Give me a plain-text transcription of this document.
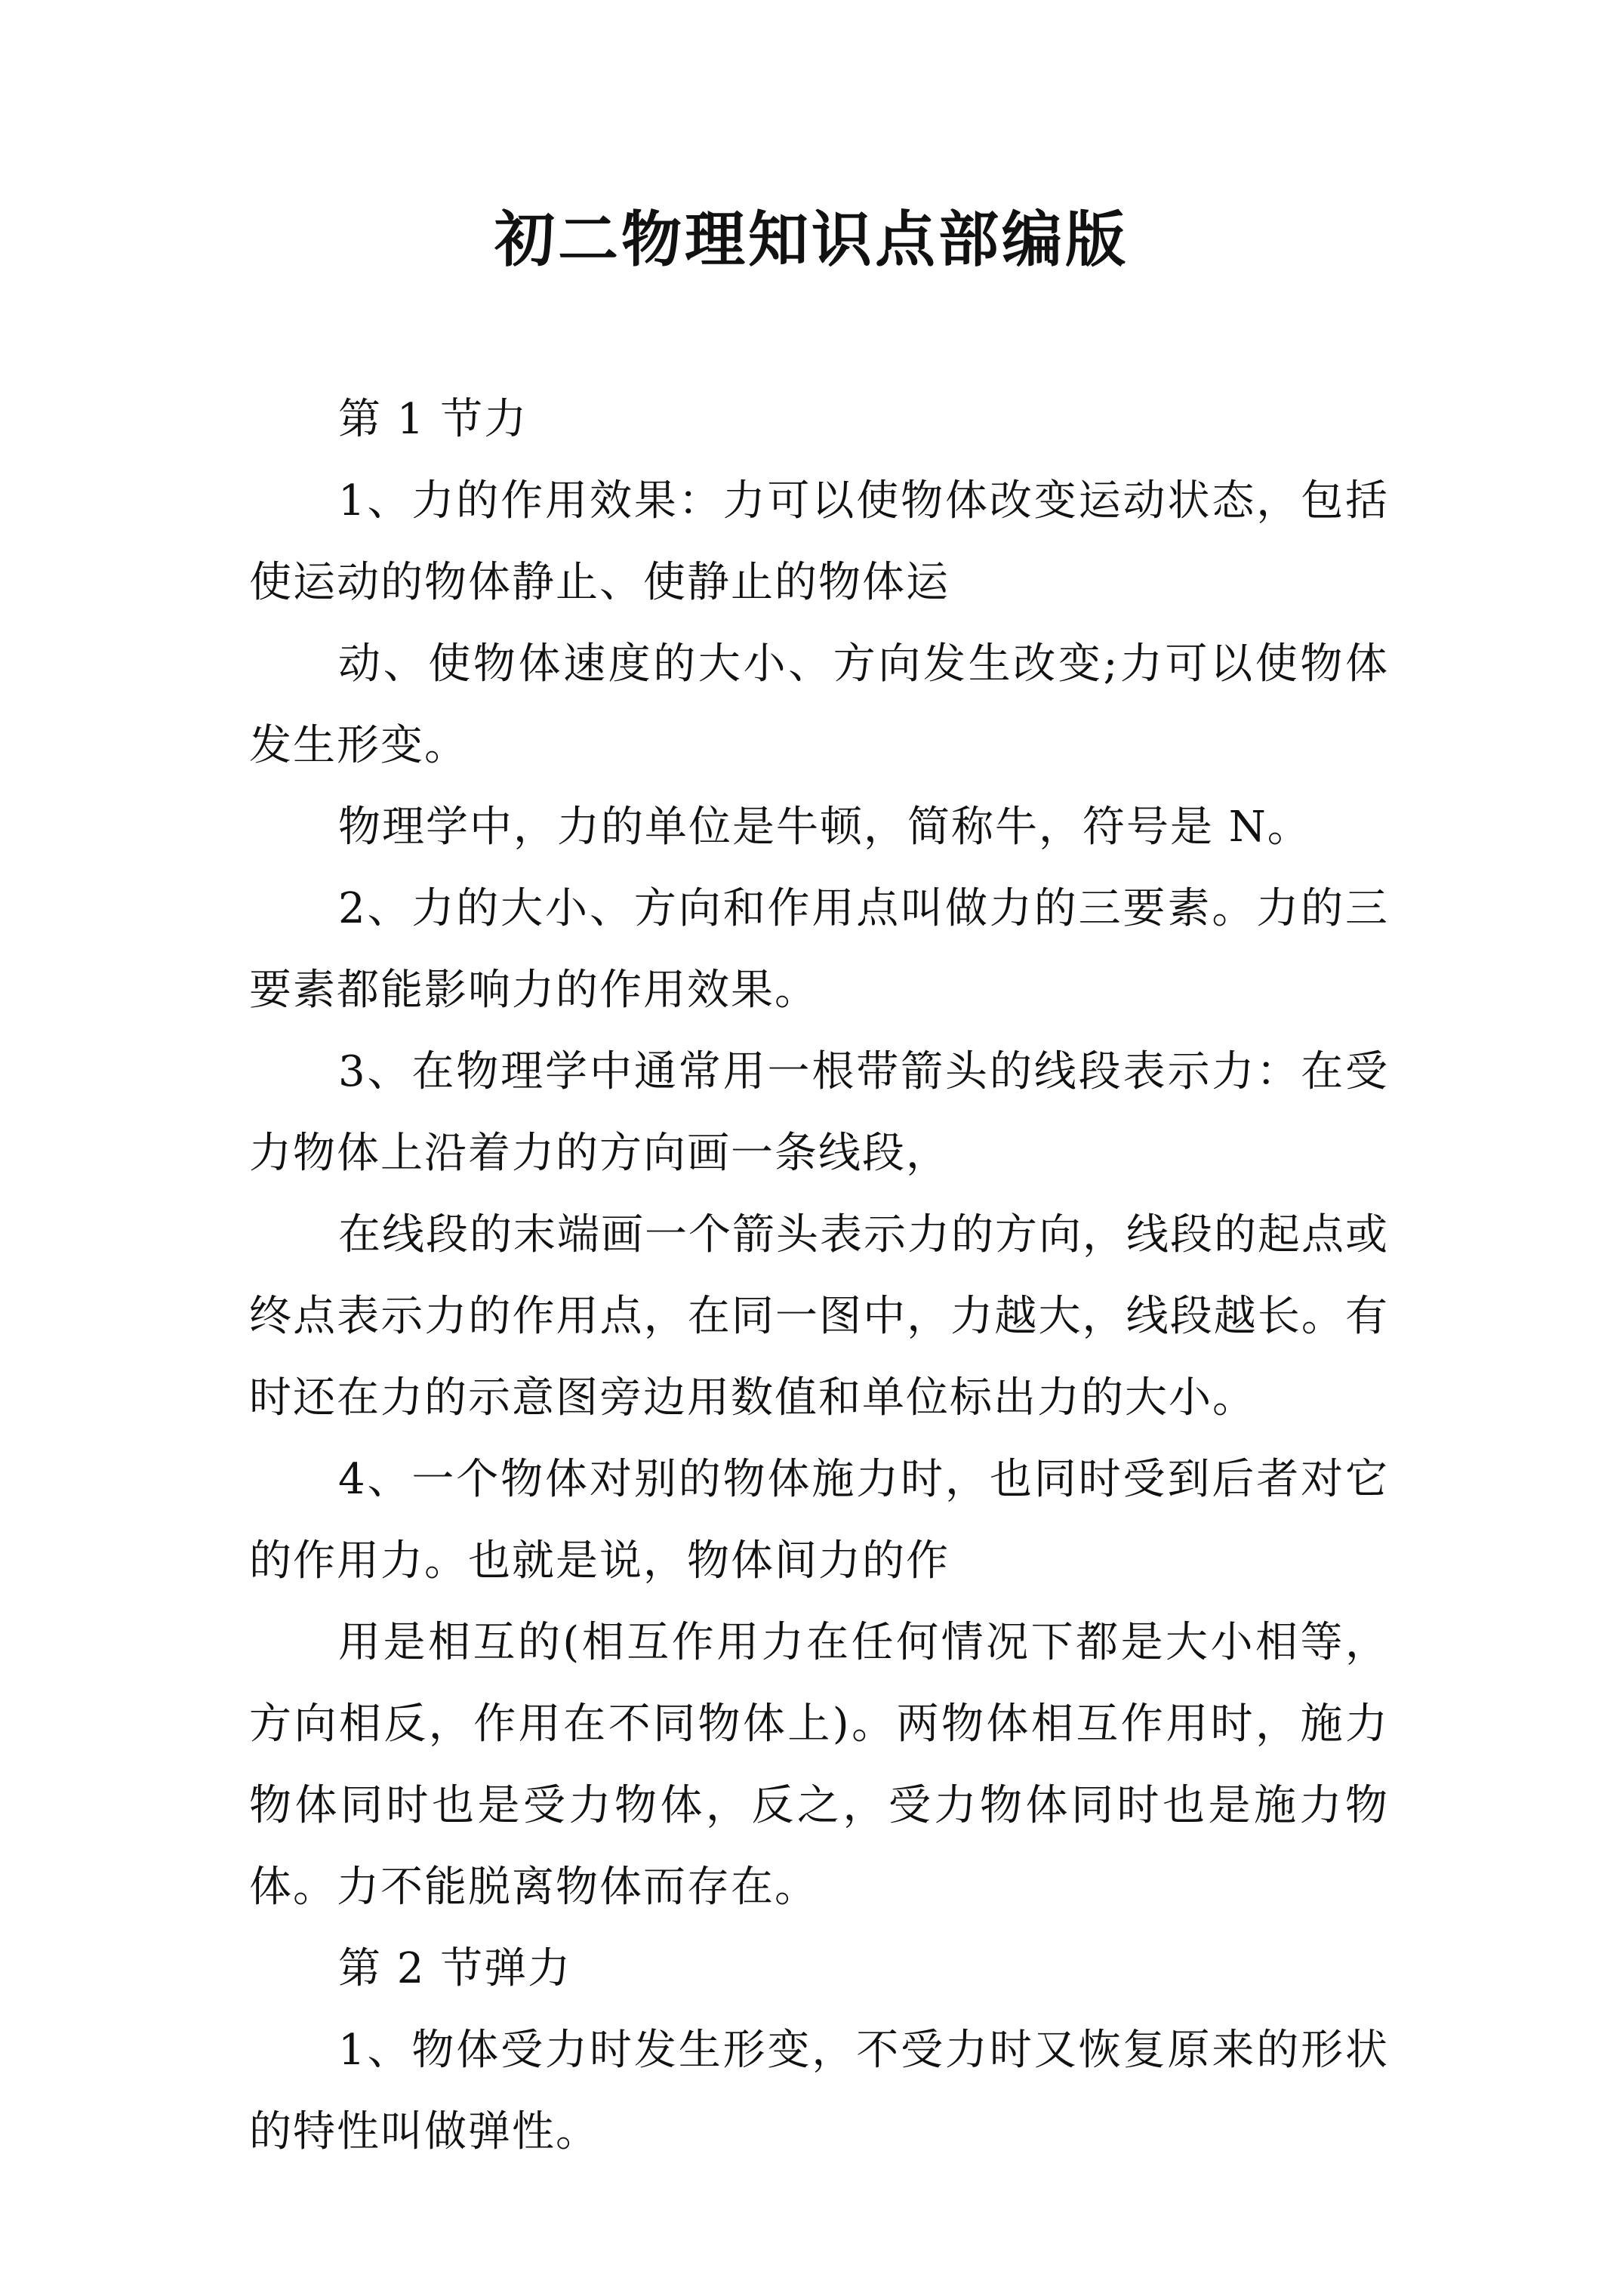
初二物理知识点部编版

第 1 节力

1、力的作用效果：力可以使物体改变运动状态，包括使运动的物体静止、使静止的物体运

动、使物体速度的大小、方向发生改变;力可以使物体发生形变。

物理学中，力的单位是牛顿，简称牛，符号是 N。

2、力的大小、方向和作用点叫做力的三要素。力的三要素都能影响力的作用效果。

3、在物理学中通常用一根带箭头的线段表示力：在受力物体上沿着力的方向画一条线段，

在线段的末端画一个箭头表示力的方向，线段的起点或终点表示力的作用点，在同一图中，力越大，线段越长。有时还在力的示意图旁边用数值和单位标出力的大小。

4、一个物体对别的物体施力时，也同时受到后者对它的作用力。也就是说，物体间力的作

用是相互的(相互作用力在任何情况下都是大小相等，方向相反，作用在不同物体上)。两物体相互作用时，施力物体同时也是受力物体，反之，受力物体同时也是施力物体。力不能脱离物体而存在。

第 2 节弹力

1、物体受力时发生形变，不受力时又恢复原来的形状的特性叫做弹性。
